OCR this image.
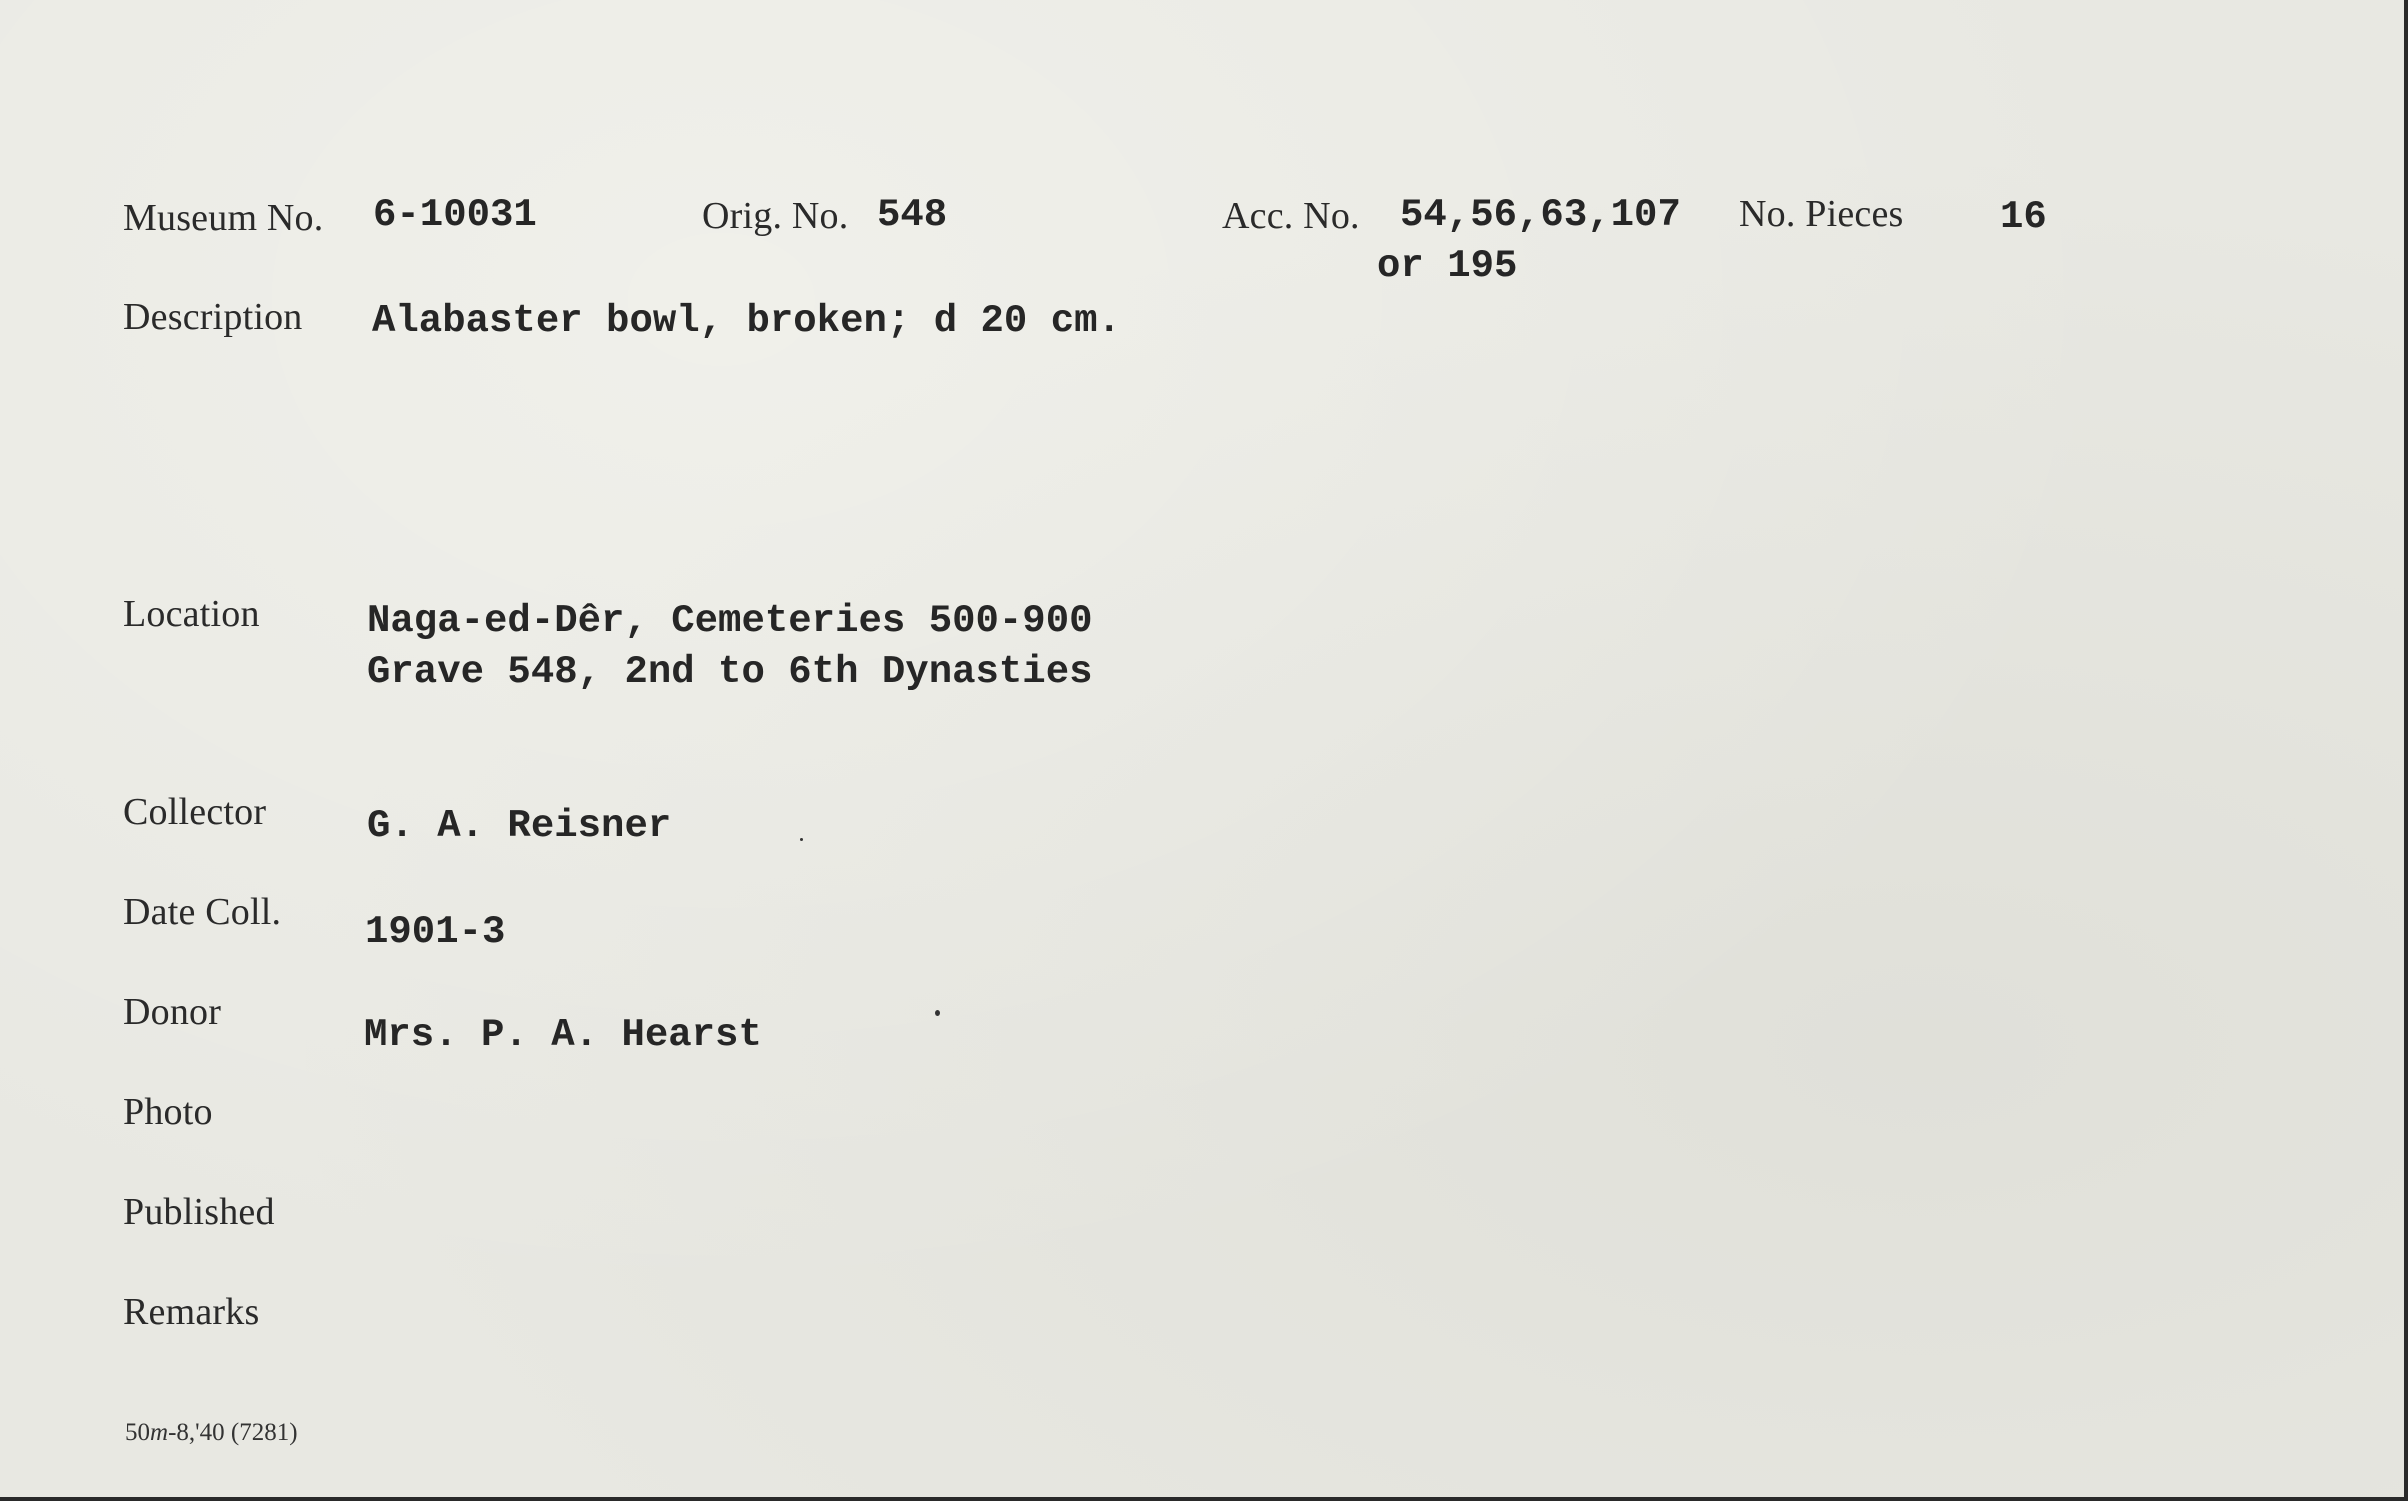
Museum No. 6-10031	Orig. No. 548	Acc. No. 54,56,63,107
or 195
No. Pieces 16
Description Alabaster bowl, broken; d 20 cm.
Location	Naga-ed-Dêr, Cemeteries 500-900
Grave 548, 2nd to 6th Dynasties
Collector	G. A. Reisner
Date Coll. 1901-3
Donor
Mrs. P. A. Hearst
Photo
Published
Remarks
50m-8,'40 (7281)
